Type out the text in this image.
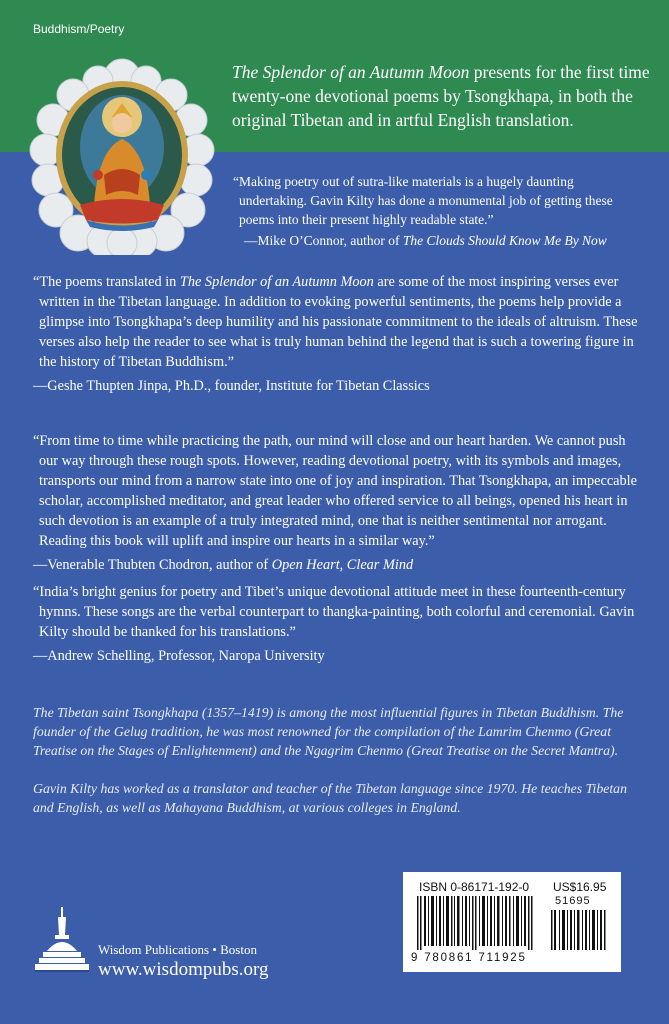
Buddhism/Poetry
The Splendor of an Autumn Moon presents for the first time twenty-one devotional poems by Tsongkhapa, in both the original Tibetan and in artful English translation.
“Making poetry out of sutra-like materials is a hugely daunting undertaking. Gavin Kilty has done a monumental job of getting these poems into their present highly readable state.”
—Mike O’Connor, author of The Clouds Should Know Me By Now
“The poems translated in The Splendor of an Autumn Moon are some of the most inspiring verses ever written in the Tibetan language. In addition to evoking powerful sentiments, the poems help provide a glimpse into Tsongkhapa’s deep humility and his passionate commitment to the ideals of altruism. These verses also help the reader to see what is truly human behind the legend that is such a towering figure in the history of Tibetan Buddhism.”
—Geshe Thupten Jinpa, Ph.D., founder, Institute for Tibetan Classics
“From time to time while practicing the path, our mind will close and our heart harden. We cannot push our way through these rough spots. However, reading devotional poetry, with its symbols and images, transports our mind from a narrow state into one of joy and inspiration. That Tsongkhapa, an impeccable scholar, accomplished meditator, and great leader who offered service to all beings, opened his heart in such devotion is an example of a truly integrated mind, one that is neither sentimental nor arrogant. Reading this book will uplift and inspire our hearts in a similar way.”
—Venerable Thubten Chodron, author of Open Heart, Clear Mind
“India’s bright genius for poetry and Tibet’s unique devotional attitude meet in these fourteenth-century hymns. These songs are the verbal counterpart to thangka-painting, both colorful and ceremonial. Gavin Kilty should be thanked for his translations.”
—Andrew Schelling, Professor, Naropa University
The Tibetan saint Tsongkhapa (1357–1419) is among the most influential figures in Tibetan Buddhism. The founder of the Gelug tradition, he was most renowned for the compilation of the Lamrim Chenmo (Great Treatise on the Stages of Enlightenment) and the Ngagrim Chenmo (Great Treatise on the Secret Mantra).
Gavin Kilty has worked as a translator and teacher of the Tibetan language since 1970. He teaches Tibetan and English, as well as Mahayana Buddhism, at various colleges in England.
Wisdom Publications • Boston
www.wisdompubs.org
ISBN 0-86171-192-0 US$16.95
51695
9 780861 711925
